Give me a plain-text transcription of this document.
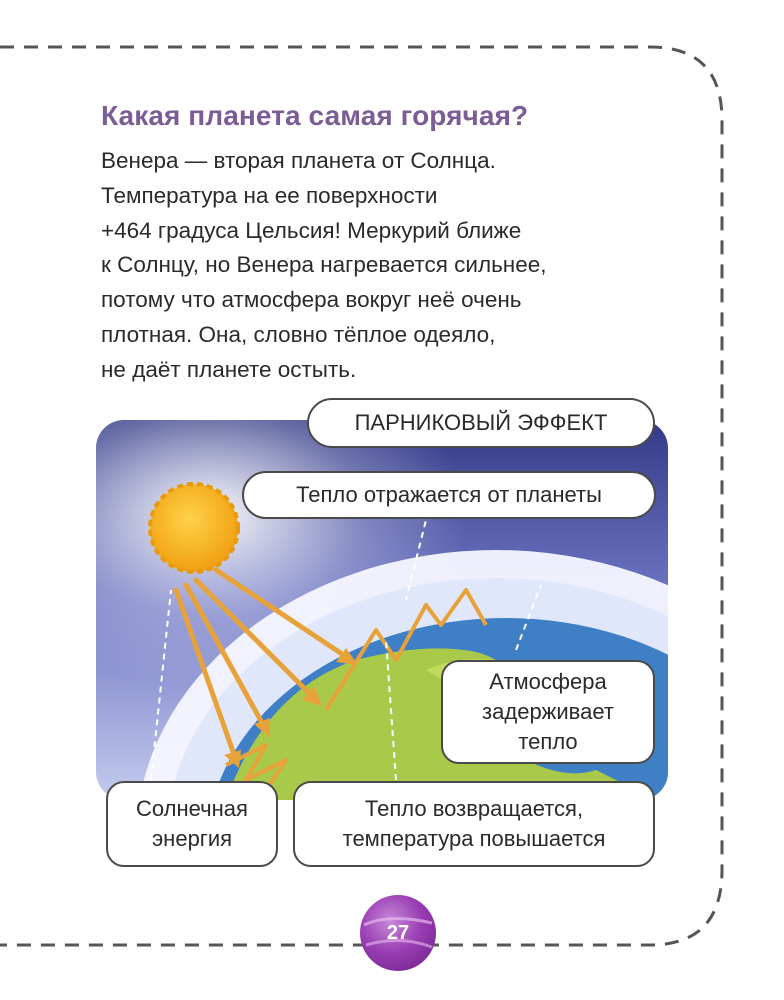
Какая планета самая горячая?
Венера — вторая планета от Солнца.
Температура на ее поверхности
+464 градуса Цельсия! Меркурий ближе
к Солнцу, но Венера нагревается сильнее,
потому что атмосфера вокруг неё очень
плотная. Она, словно тёплое одеяло,
не даёт планете остыть.
ПАРНИКОВЫЙ ЭФФЕКТ
Тепло отражается от планеты
Атмосфера
задерживает
тепло
Солнечная
энергия
Тепло возвращается,
температура повышается
27
